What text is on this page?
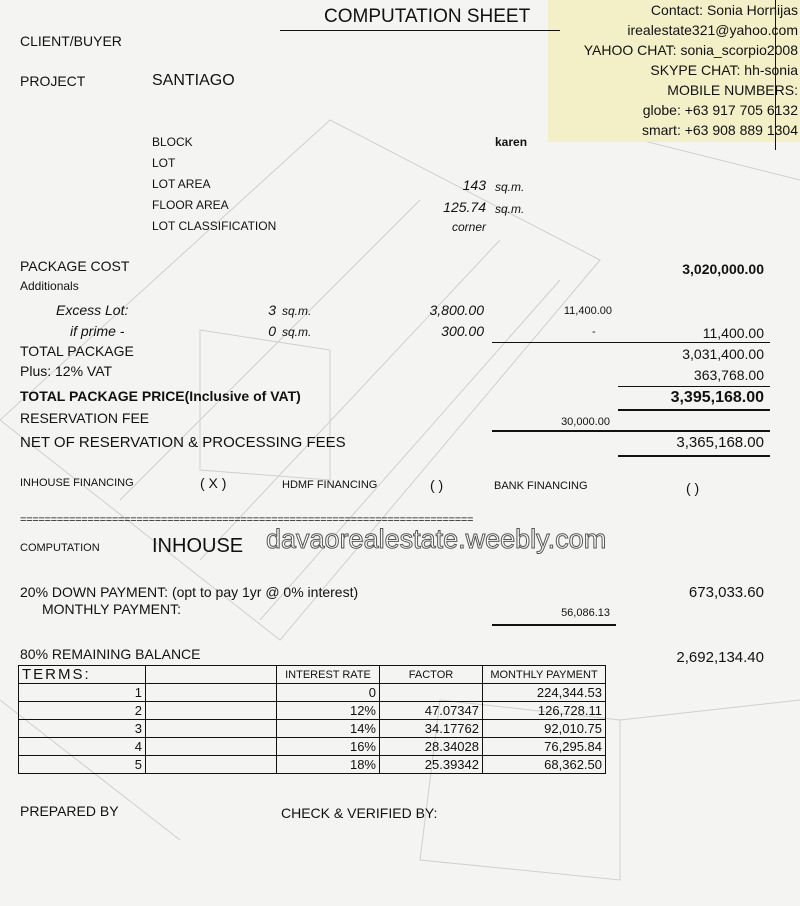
Contact: Sonia Hornijas
irealestate321@yahoo.com
YAHOO CHAT: sonia_scorpio2008
SKYPE CHAT: hh-sonia
MOBILE NUMBERS:
globe: +63 917 705 6132
smart: +63 908 889 1304
COMPUTATION SHEET
CLIENT/BUYER
PROJECT	SANTIAGO
BLOCK	karen
LOT
LOT AREA	143 sq.m.
FLOOR AREA	125.74 sq.m.
LOT CLASSIFICATION	corner
PACKAGE COST	3,020,000.00
Additionals
Excess Lot:	3 sq.m.	3,800.00	11,400.00
if prime -	0 sq.m.	300.00	-	11,400.00
TOTAL PACKAGE	3,031,400.00
Plus: 12% VAT	363,768.00
TOTAL PACKAGE PRICE(Inclusive of VAT)	3,395,168.00
RESERVATION FEE	30,000.00
NET OF RESERVATION & PROCESSING FEES	3,365,168.00
INHOUSE FINANCING	( X )	HDMF FINANCING	( )	BANK FINANCING	( )
==========================================================================
COMPUTATION	INHOUSE davaorealestate.weebly.com
20% DOWN PAYMENT: (opt to pay 1yr @ 0% interest)	673,033.60
MONTHLY PAYMENT:	56,086.13
80% REMAINING BALANCE	2,692,134.40
TERMS:		INTEREST RATE	FACTOR	MONTHLY PAYMENT
1		0		224,344.53
2		12%	47.07347	126,728.11
3		14%	34.17762	92,010.75
4		16%	28.34028	76,295.84
5		18%	25.39342	68,362.50
PREPARED BY	CHECK & VERIFIED BY:
